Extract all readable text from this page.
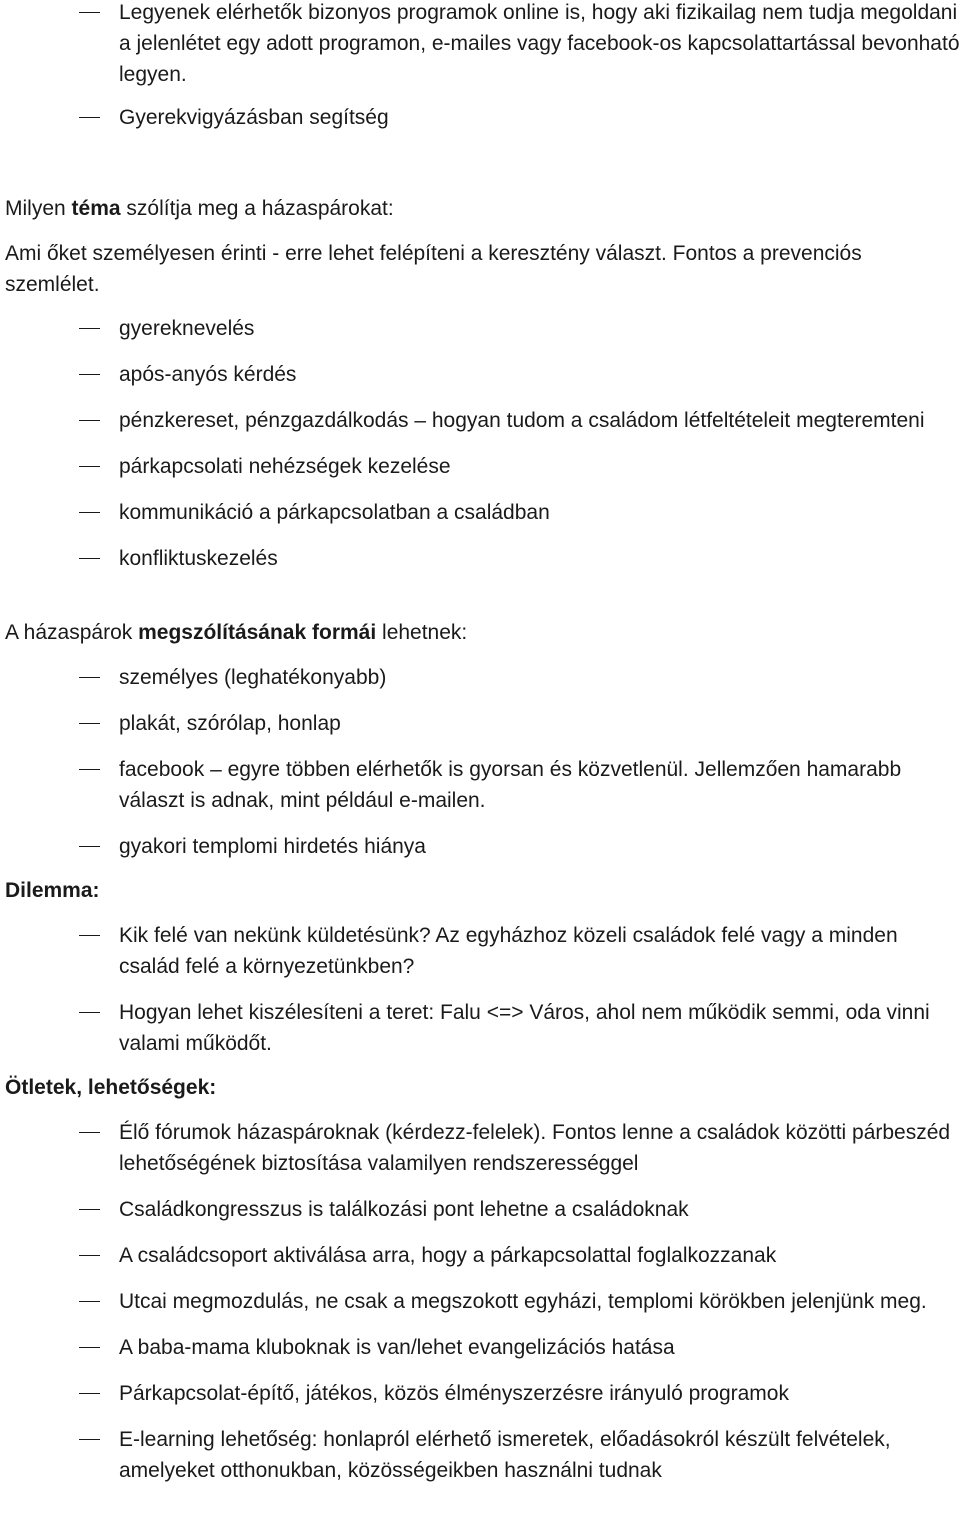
Legyenek elérhetők bizonyos programok online is, hogy aki fizikailag nem tudja megoldani a jelenlétet egy adott programon, e-mailes vagy facebook-os kapcsolattartással bevonható legyen.
Gyerekvigyázásban segítség

Milyen téma szólítja meg a házaspárokat:

Ami őket személyesen érinti - erre lehet felépíteni a keresztény választ. Fontos a prevenciós szemlélet.

gyereknevelés
após-anyós kérdés
pénzkereset, pénzgazdálkodás – hogyan tudom a családom létfeltételeit megteremteni
párkapcsolati nehézségek kezelése
kommunikáció a párkapcsolatban a családban
konfliktuskezelés

A házaspárok megszólításának formái lehetnek:

személyes (leghatékonyabb)
plakát, szórólap, honlap
facebook – egyre többen elérhetők is gyorsan és közvetlenül. Jellemzően hamarabb választ is adnak, mint például e-mailen.
gyakori templomi hirdetés hiánya

Dilemma:

Kik felé van nekünk küldetésünk? Az egyházhoz közeli családok felé vagy a minden család felé a környezetünkben?
Hogyan lehet kiszélesíteni a teret: Falu <=> Város, ahol nem működik semmi, oda vinni valami működőt.

Ötletek, lehetőségek:

Élő fórumok házaspároknak (kérdezz-felelek). Fontos lenne a családok közötti párbeszéd lehetőségének biztosítása valamilyen rendszerességgel
Családkongresszus is találkozási pont lehetne a családoknak
A családcsoport aktiválása arra, hogy a párkapcsolattal foglalkozzanak
Utcai megmozdulás, ne csak a megszokott egyházi, templomi körökben jelenjünk meg.
A baba-mama kluboknak is van/lehet evangelizációs hatása
Párkapcsolat-építő, játékos, közös élményszerzésre irányuló programok
E-learning lehetőség: honlapról elérhető ismeretek, előadásokról készült felvételek, amelyeket otthonukban, közösségeikben használni tudnak
